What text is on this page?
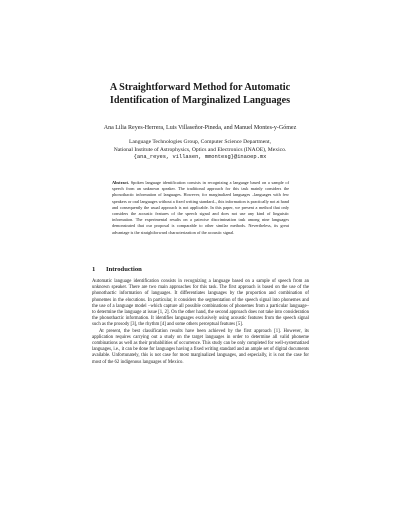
A Straightforward Method for Automatic
Identification of Marginalized Languages
Ana Lilia Reyes-Herrera, Luis Villaseñor-Pineda, and Manuel Montes-y-Gómez
Language Technologies Group, Computer Science Department,
National Institute of Astrophysics, Optics and Electronics (INAOE), Mexico.
{ana_reyes, villasen, mmontesg}@inaoep.mx
Abstract. Spoken language identification consists in recognizing a language based on a sample of speech from an unknown speaker. The traditional approach for this task mainly considers the phonothactic information of languages. However, for marginalized languages –languages with few speakers or oral languages without a fixed writing standard–, this information is practically not at hand and consequently the usual approach is not applicable. In this paper, we present a method that only considers the acoustic features of the speech signal and does not use any kind of linguistic information. The experimental results on a pairwise discrimination task among nine languages demonstrated that our proposal is comparable to other similar methods. Nevertheless, its great advantage is the straightforward characterization of the acoustic signal.
1 Introduction

Automatic language identification consists in recognizing a language based on a sample of speech from an unknown speaker. There are two main approaches for this task. The first approach is based on the use of the phonothactic information of languages. It differentiates languages by the proportion and combination of phonemes in the elocutions. In particular, it considers the segmentation of the speech signal into phonemes and the use of a language model –which capture all possible combinations of phonemes from a particular language– to determine the language at issue [1, 2]. On the other hand, the second approach does not take into consideration the phonothactic information. It identifies languages exclusively using acoustic features from the speech signal such as the prosody [3], the rhythm [4] and some others perceptual features [5].

At present, the best classification results have been achieved by the first approach [1]. However, its application requires carrying out a study on the target languages in order to determine all valid phoneme combinations as well as their probabilities of occurrence. This study can be only completed for well-systematized languages, i.e., it can be done for languages having a fixed writing standard and an ample set of digital documents available. Unfortunately, this is not case for most marginalized languages, and especially, it is not the case for most of the 62 indigenous languages of Mexico.
